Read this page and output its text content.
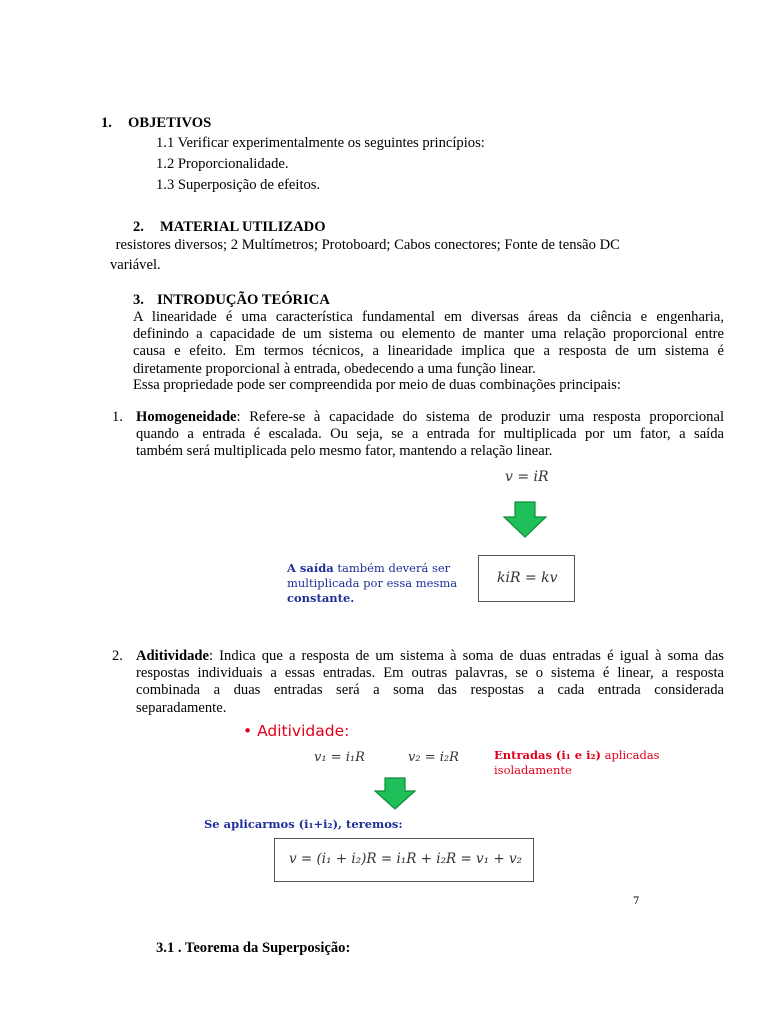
1. OBJETIVOS
1.1 Verificar experimentalmente os seguintes princípios:
1.2 Proporcionalidade.
1.3 Superposição de efeitos.
2. MATERIAL UTILIZADO
resistores diversos; 2 Multímetros; Protoboard; Cabos conectores; Fonte de tensão DC
variável.
3. INTRODUÇÃO TEÓRICA
A linearidade é uma característica fundamental em diversas áreas da ciência e engenharia,
definindo a capacidade de um sistema ou elemento de manter uma relação proporcional entre
causa e efeito. Em termos técnicos, a linearidade implica que a resposta de um sistema é
diretamente proporcional à entrada, obedecendo a uma função linear.
Essa propriedade pode ser compreendida por meio de duas combinações principais:
1. Homogeneidade: Refere-se à capacidade do sistema de produzir uma resposta proporcional
quando a entrada é escalada. Ou seja, se a entrada for multiplicada por um fator, a saída
também será multiplicada pelo mesmo fator, mantendo a relação linear.
v = iR
A saída também deverá ser
multiplicada por essa mesma
constante.
kiR = kv
2. Aditividade: Indica que a resposta de um sistema à soma de duas entradas é igual à soma das
respostas individuais a essas entradas. Em outras palavras, se o sistema é linear, a resposta
combinada a duas entradas será a soma das respostas a cada entrada considerada
separadamente.
• Aditividade:
v₁ = i₁R	v₂ = i₂R	Entradas (i₁ e i₂) aplicadas
isoladamente
Se aplicarmos (i₁+i₂), teremos:
v = (i₁ + i₂)R = i₁R + i₂R = v₁ + v₂
7
3.1 . Teorema da Superposição:
